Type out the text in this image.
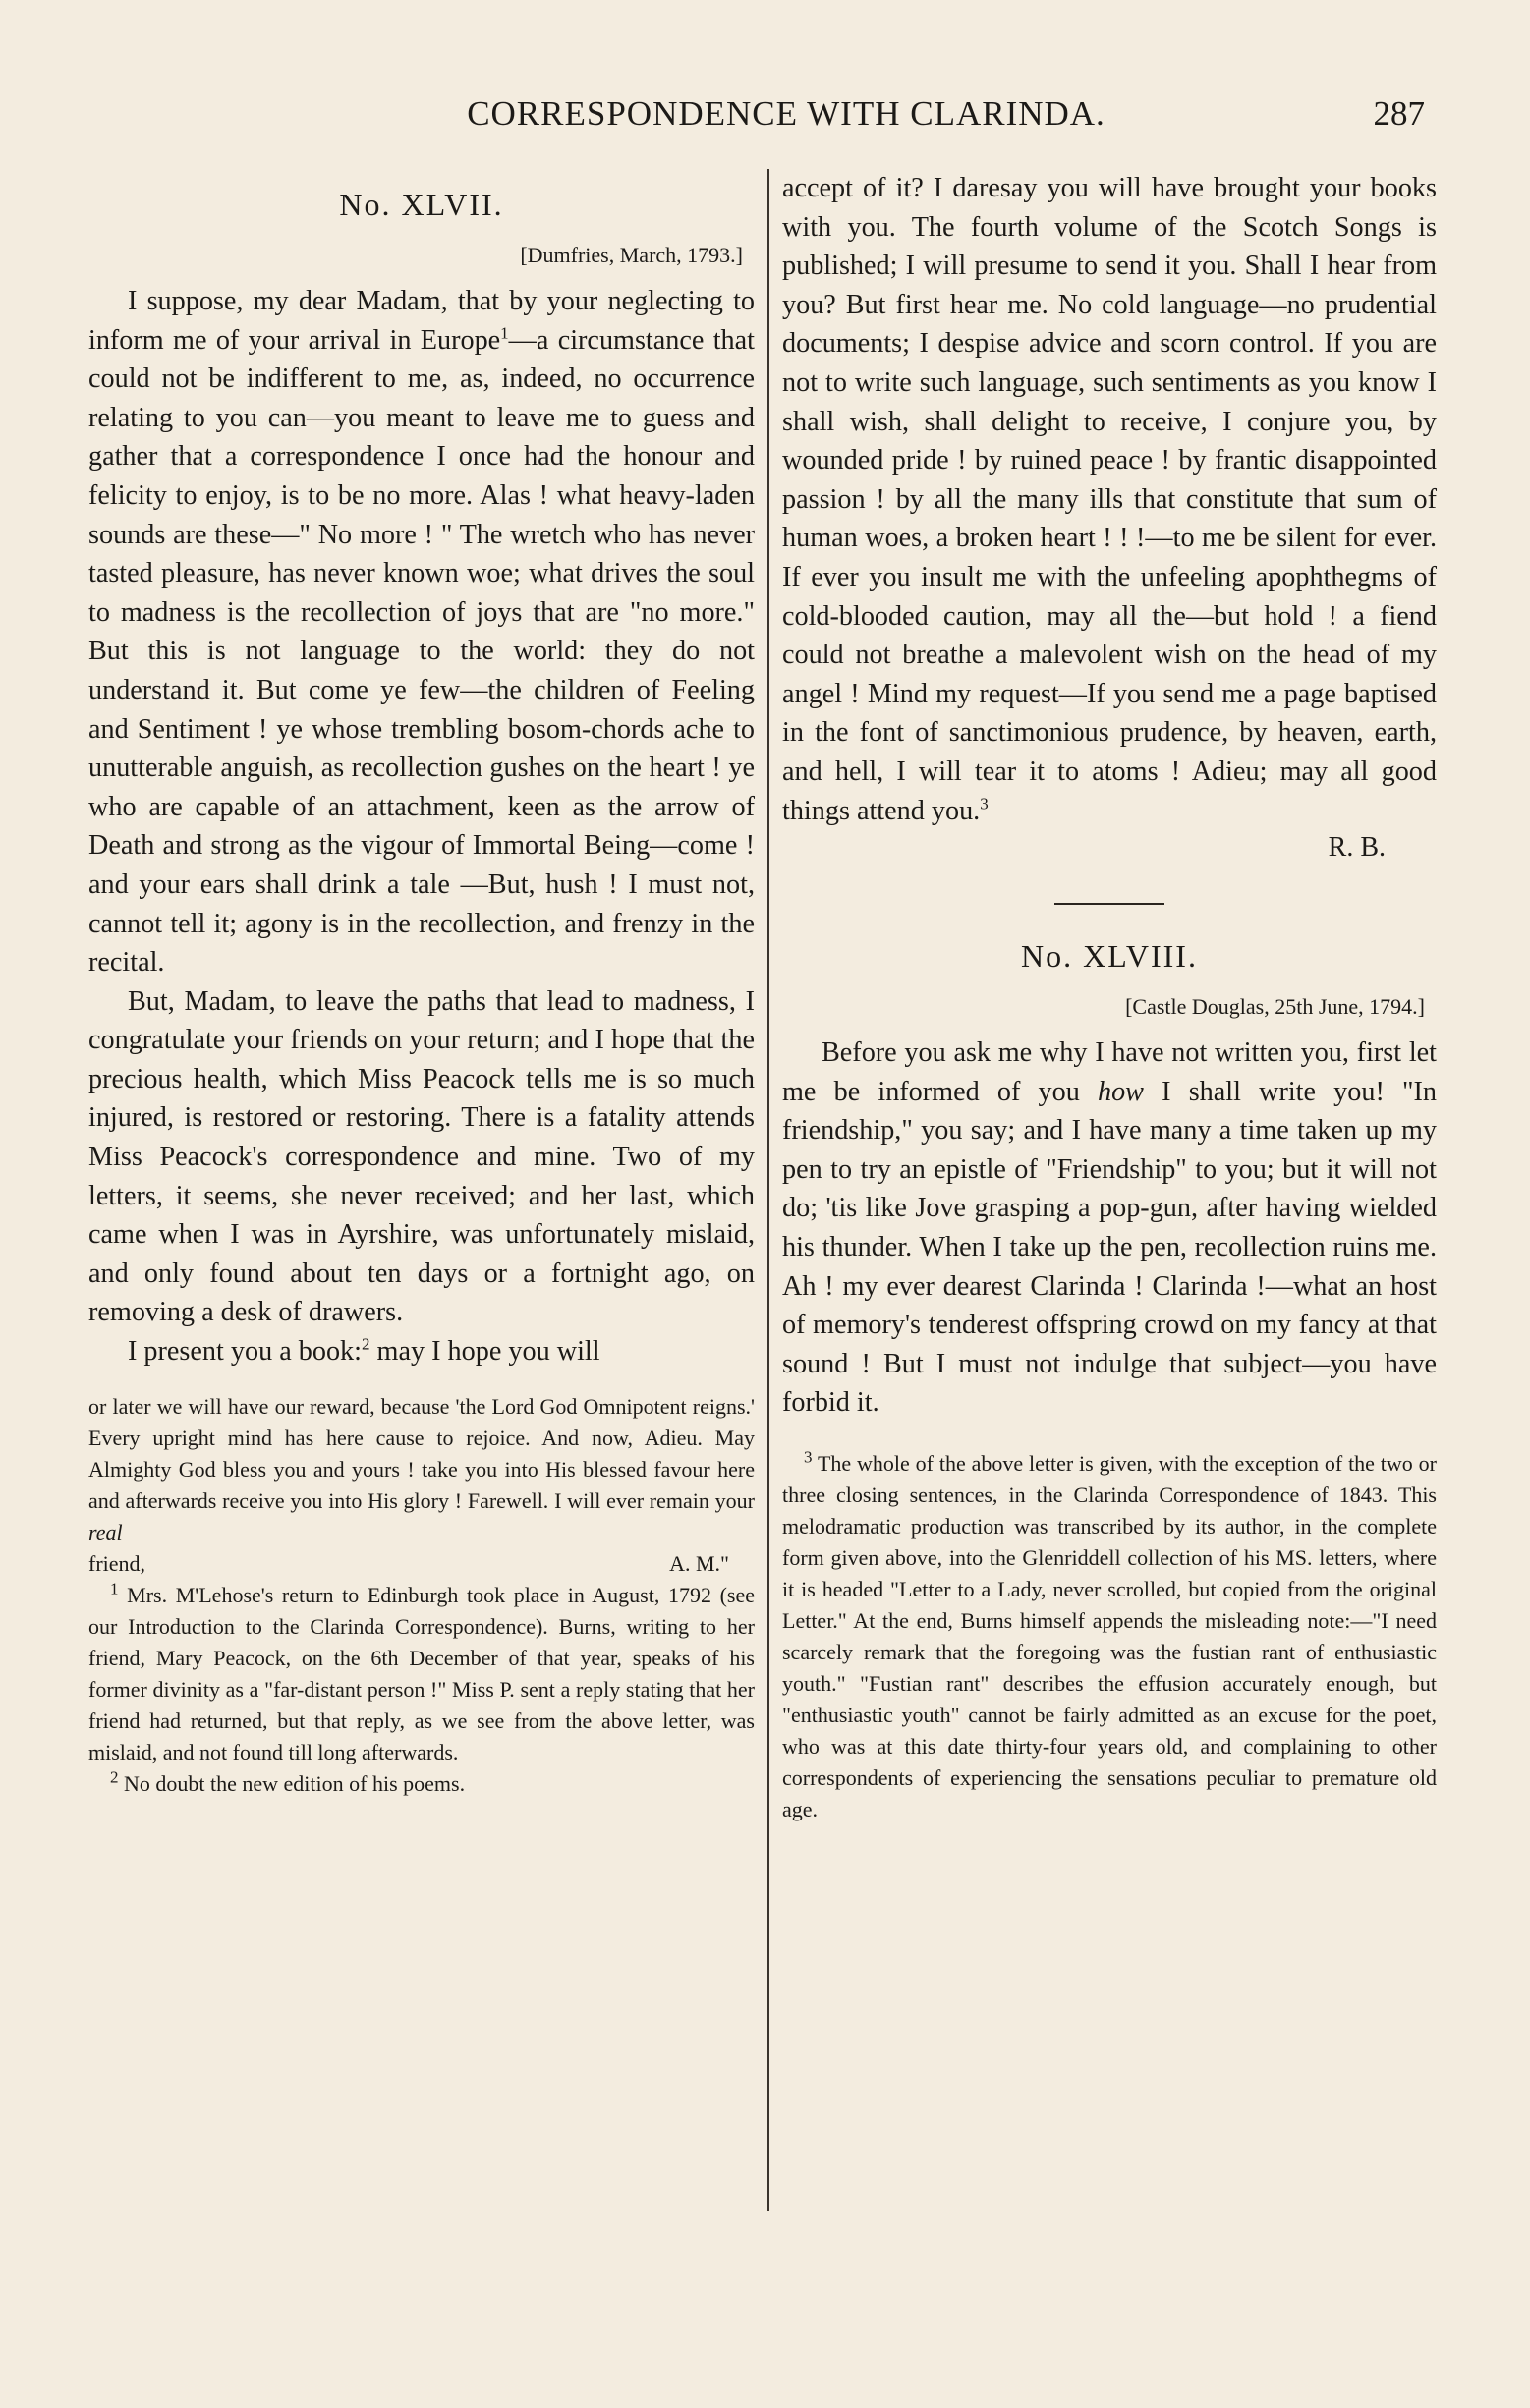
CORRESPONDENCE WITH CLARINDA.	287
No. XLVII.
[Dumfries, March, 1793.]

I suppose, my dear Madam, that by your neglecting to inform me of your arrival in Europe$^1$—a circumstance that could not be indifferent to me, as, indeed, no occurrence relating to you can—you meant to leave me to guess and gather that a correspondence I once had the honour and felicity to enjoy, is to be no more. Alas ! what heavy-laden sounds are these—" No more ! " The wretch who has never tasted pleasure, has never known woe; what drives the soul to madness is the recollection of joys that are "no more." But this is not language to the world: they do not understand it. But come ye few—the children of Feeling and Sentiment ! ye whose trembling bosom-chords ache to unutterable anguish, as recollection gushes on the heart ! ye who are capable of an attachment, keen as the arrow of Death and strong as the vigour of Immortal Being—come ! and your ears shall drink a tale —But, hush ! I must not, cannot tell it; agony is in the recollection, and frenzy in the recital.

But, Madam, to leave the paths that lead to madness, I congratulate your friends on your return; and I hope that the precious health, which Miss Peacock tells me is so much injured, is restored or restoring. There is a fatality attends Miss Peacock's correspondence and mine. Two of my letters, it seems, she never received; and her last, which came when I was in Ayrshire, was unfortunately mislaid, and only found about ten days or a fortnight ago, on removing a desk of drawers.

I present you a book:$^2$ may I hope you will

or later we will have our reward, because 'the Lord God Omnipotent reigns.' Every upright mind has here cause to rejoice. And now, Adieu. May Almighty God bless you and yours ! take you into His blessed favour here and afterwards receive you into His glory ! Farewell. I will ever remain your real

friend,	A. M."

$^1$ Mrs. M'Lehose's return to Edinburgh took place in August, 1792 (see our Introduction to the Clarinda Correspondence). Burns, writing to her friend, Mary Peacock, on the 6th December of that year, speaks of his former divinity as a "far-distant person !" Miss P. sent a reply stating that her friend had returned, but that reply, as we see from the above letter, was mislaid, and not found till long afterwards.

$^2$ No doubt the new edition of his poems.

accept of it? I daresay you will have brought your books with you. The fourth volume of the Scotch Songs is published; I will presume to send it you. Shall I hear from you? But first hear me. No cold language—no prudential documents; I despise advice and scorn control. If you are not to write such language, such sentiments as you know I shall wish, shall delight to receive, I conjure you, by wounded pride ! by ruined peace ! by frantic disappointed passion ! by all the many ills that constitute that sum of human woes, a broken heart ! ! !—to me be silent for ever. If ever you insult me with the unfeeling apophthegms of cold-blooded caution, may all the—but hold ! a fiend could not breathe a malevolent wish on the head of my angel ! Mind my request—If you send me a page baptised in the font of sanctimonious prudence, by heaven, earth, and hell, I will tear it to atoms ! Adieu; may all good things attend you.$^3$

R. B.
No. XLVIII.
[Castle Douglas, 25th June, 1794.]

Before you ask me why I have not written you, first let me be informed of you how I shall write you! "In friendship," you say; and I have many a time taken up my pen to try an epistle of "Friendship" to you; but it will not do; 'tis like Jove grasping a pop-gun, after having wielded his thunder. When I take up the pen, recollection ruins me. Ah ! my ever dearest Clarinda ! Clarinda !—what an host of memory's tenderest offspring crowd on my fancy at that sound ! But I must not indulge that subject—you have forbid it.

$^3$ The whole of the above letter is given, with the exception of the two or three closing sentences, in the Clarinda Correspondence of 1843. This melodramatic production was transcribed by its author, in the complete form given above, into the Glenriddell collection of his MS. letters, where it is headed "Letter to a Lady, never scrolled, but copied from the original Letter." At the end, Burns himself appends the misleading note:—"I need scarcely remark that the foregoing was the fustian rant of enthusiastic youth." "Fustian rant" describes the effusion accurately enough, but "enthusiastic youth" cannot be fairly admitted as an excuse for the poet, who was at this date thirty-four years old, and complaining to other correspondents of experiencing the sensations peculiar to premature old age.
